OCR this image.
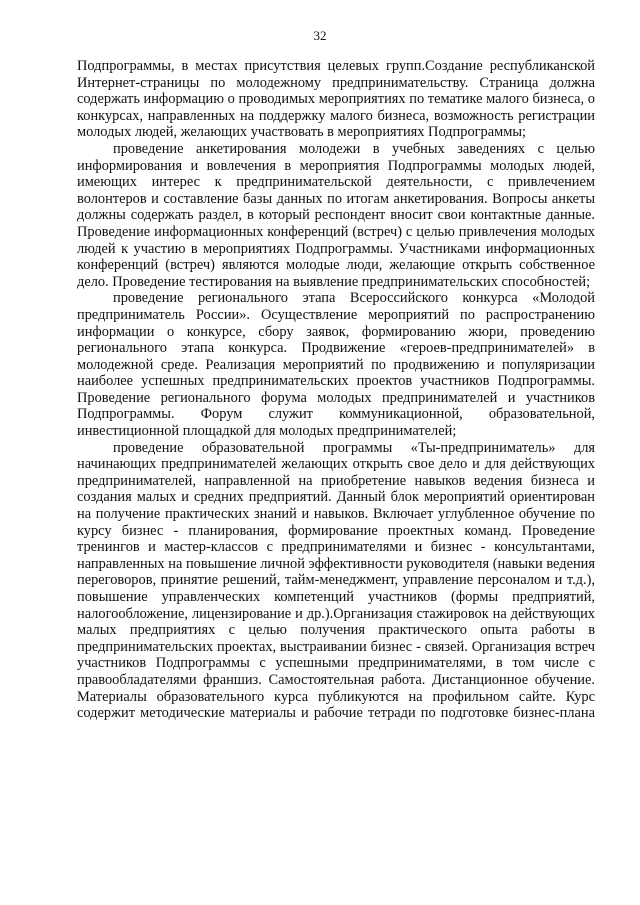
32

Подпрограммы, в местах присутствия целевых групп.Создание республиканской Интернет-страницы по молодежному предпринимательству. Страница должна содержать информацию о проводимых мероприятиях по тематике малого бизнеса, о конкурсах, направленных на поддержку малого бизнеса, возможность регистрации молодых людей, желающих участвовать в мероприятиях Подпрограммы;

проведение анкетирования молодежи в учебных заведениях с целью информирования и вовлечения в мероприятия Подпрограммы молодых людей, имеющих интерес к предпринимательской деятельности, с привлечением волонтеров и составление базы данных по итогам анкетирования. Вопросы анкеты должны содержать раздел, в который респондент вносит свои контактные данные. Проведение информационных конференций (встреч) с целью привлечения молодых людей к участию в мероприятиях Подпрограммы. Участниками информационных конференций (встреч) являются молодые люди, желающие открыть собственное дело. Проведение тестирования на выявление предпринимательских способностей;

проведение регионального этапа Всероссийского конкурса «Молодой предприниматель России». Осуществление мероприятий по распространению информации о конкурсе, сбору заявок, формированию жюри, проведению регионального этапа конкурса. Продвижение «героев-предпринимателей» в молодежной среде. Реализация мероприятий по продвижению и популяризации наиболее успешных предпринимательских проектов участников Подпрограммы. Проведение регионального форума молодых предпринимателей и участников Подпрограммы. Форум служит коммуникационной, образовательной, инвестиционной площадкой для молодых предпринимателей;

проведение образовательной программы «Ты-предприниматель» для начинающих предпринимателей желающих открыть свое дело и для действующих предпринимателей, направленной на приобретение навыков ведения бизнеса и создания малых и средних предприятий. Данный блок мероприятий ориентирован на получение практических знаний и навыков. Включает углубленное обучение по курсу бизнес - планирования, формирование проектных команд. Проведение тренингов и мастер-классов с предпринимателями и бизнес - консультантами, направленных на повышение личной эффективности руководителя (навыки ведения переговоров, принятие решений, тайм-менеджмент, управление персоналом и т.д.), повышение управленческих компетенций участников (формы предприятий, налогообложение, лицензирование и др.).Организация стажировок на действующих малых предприятиях с целью получения практического опыта работы в предпринимательских проектах, выстраивании бизнес - связей. Организация встреч участников Подпрограммы с успешными предпринимателями, в том числе с правообладателями франшиз. Самостоятельная работа. Дистанционное обучение. Материалы образовательного курса публикуются на профильном сайте. Курс содержит методические материалы и рабочие тетради по подготовке бизнес-плана
